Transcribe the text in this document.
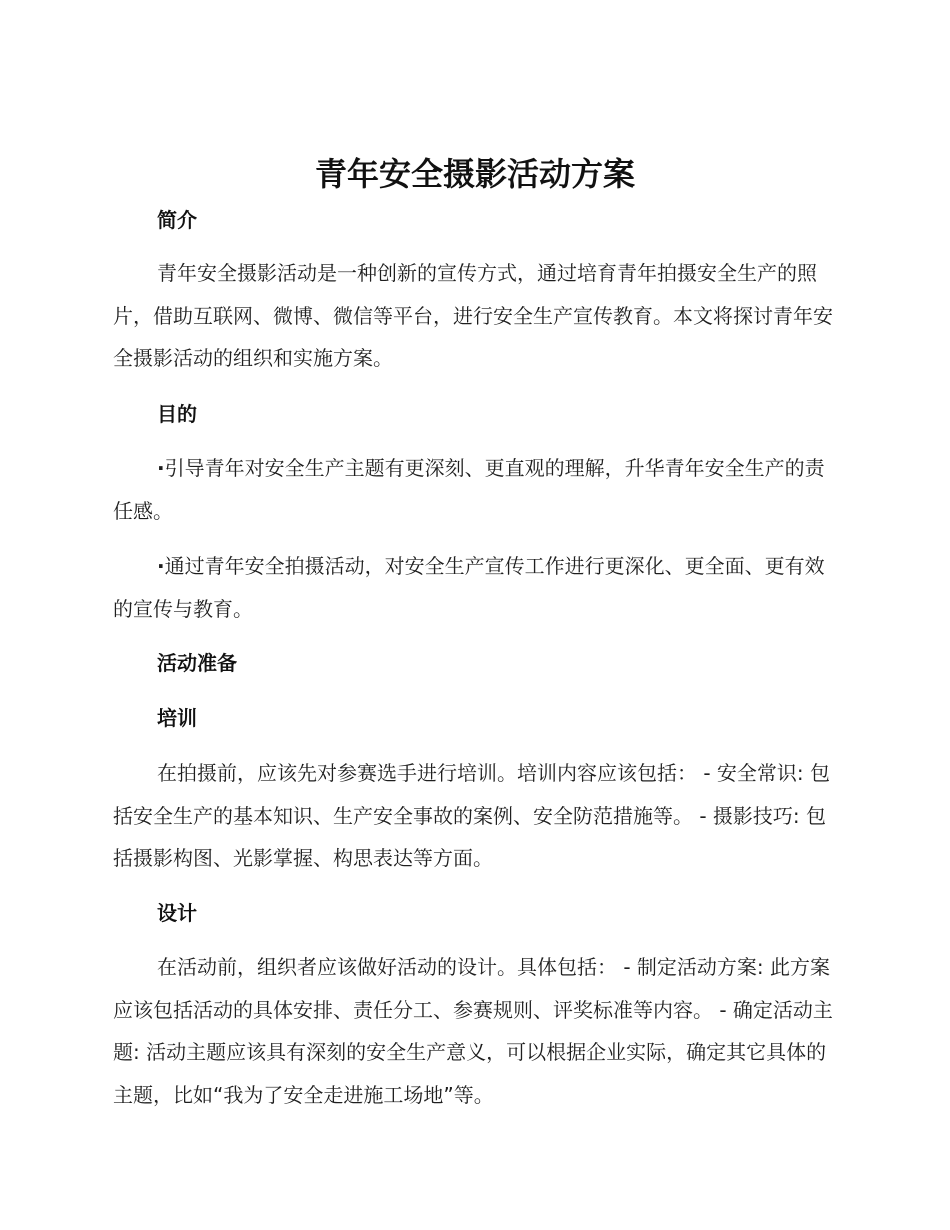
青年安全摄影活动方案
简介

青年安全摄影活动是一种创新的宣传方式，通过培育青年拍摄安全生产的照片，借助互联网、微博、微信等平台，进行安全生产宣传教育。本文将探讨青年安全摄影活动的组织和实施方案。

目的

·引导青年对安全生产主题有更深刻、更直观的理解，升华青年安全生产的责任感。

·通过青年安全拍摄活动，对安全生产宣传工作进行更深化、更全面、更有效的宣传与教育。

活动准备
培训

在拍摄前，应该先对参赛选手进行培训。培训内容应该包括： - 安全常识: 包括安全生产的基本知识、生产安全事故的案例、安全防范措施等。 - 摄影技巧: 包括摄影构图、光影掌握、构思表达等方面。

设计

在活动前，组织者应该做好活动的设计。具体包括： - 制定活动方案: 此方案应该包括活动的具体安排、责任分工、参赛规则、评奖标准等内容。 - 确定活动主题: 活动主题应该具有深刻的安全生产意义，可以根据企业实际，确定其它具体的主题，比如“我为了安全走进施工场地”等。
